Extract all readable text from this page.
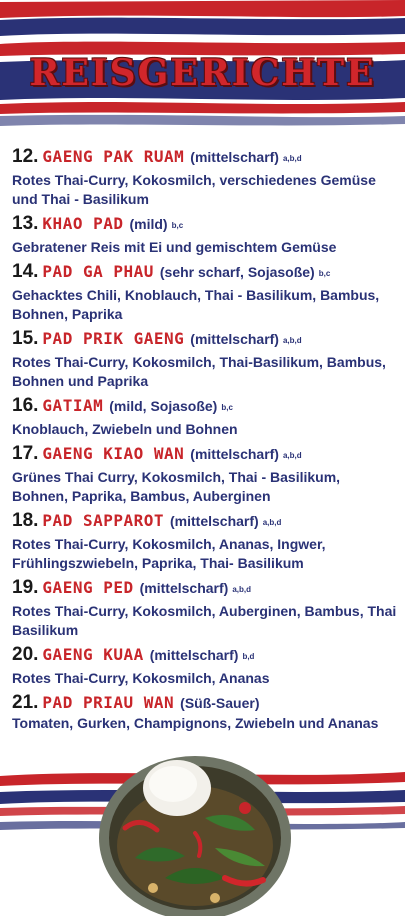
REISGERICHTE
12. GAENG PAK RUAM (mittelscharf) a,b,d
Rotes Thai-Curry, Kokosmilch, verschiedenes Gemüse und Thai - Basilikum
13. KHAO PAD (mild) b,c
Gebratener Reis mit Ei und gemischtem Gemüse
14. PAD GA PHAU (sehr scharf, Sojasoße) b,c
Gehacktes Chili, Knoblauch, Thai - Basilikum, Bambus, Bohnen, Paprika
15. PAD PRIK GAENG (mittelscharf) a,b,d
Rotes Thai-Curry, Kokosmilch, Thai-Basilikum, Bambus, Bohnen und Paprika
16. GATIAM (mild, Sojasoße) b,c
Knoblauch, Zwiebeln und Bohnen
17. GAENG KIAO WAN (mittelscharf) a,b,d
Grünes Thai Curry, Kokosmilch, Thai - Basilikum, Bohnen, Paprika, Bambus, Auberginen
18. PAD SAPPAROT (mittelscharf) a,b,d
Rotes Thai-Curry, Kokosmilch, Ananas, Ingwer, Frühlingszwiebeln, Paprika, Thai- Basilikum
19. GAENG PED (mittelscharf) a,b,d
Rotes Thai-Curry, Kokosmilch, Auberginen, Bambus, Thai Basilikum
20. GAENG KUAA (mittelscharf) b,d
Rotes Thai-Curry, Kokosmilch, Ananas
21. PAD PRIAU WAN (Süß-Sauer)
Tomaten, Gurken, Champignons, Zwiebeln und Ananas
